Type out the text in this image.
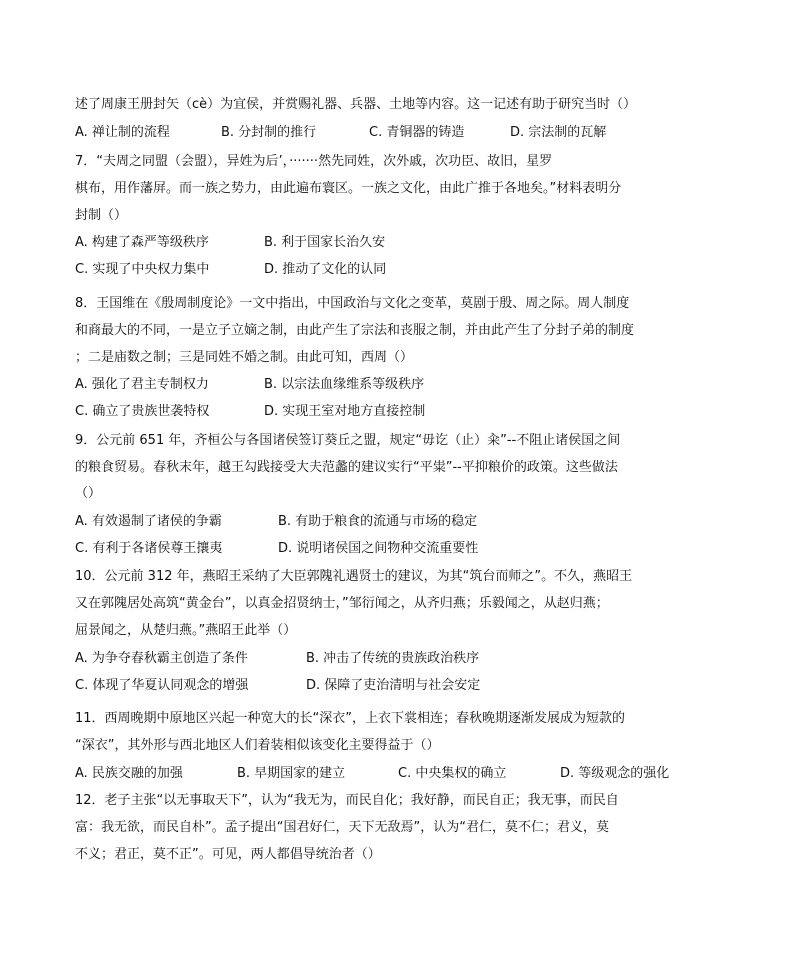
述了周康王册封矢（cè）为宜侯，并赏赐礼器、兵器、土地等内容。这一记述有助于研究当时（）
A. 禅让制的流程	B. 分封制的推行	C. 青铜器的铸造	D. 宗法制的瓦解
7．“夫周之同盟（会盟），异姓为后’，·······然先同姓，次外戚，次功臣、故旧，星罗
棋布，用作藩屏。而一族之势力，由此遍布寰区。一族之文化，由此广推于各地矣。”材料表明分
封制（）
A. 构建了森严等级秩序	B. 利于国家长治久安
C. 实现了中央权力集中	D. 推动了文化的认同
8．王国维在《殷周制度论》一文中指出，中国政治与文化之变革，莫剧于殷、周之际。周人制度
和商最大的不同，一是立子立嫡之制，由此产生了宗法和丧服之制，并由此产生了分封子弟的制度
；二是庙数之制；三是同姓不婚之制。由此可知，西周（）
A. 强化了君主专制权力	B. 以宗法血缘维系等级秩序
C. 确立了贵族世袭特权	D. 实现王室对地方直接控制
9．公元前 651 年，齐桓公与各国诸侯签订葵丘之盟，规定“毋讫（止）籴”--不阻止诸侯国之间
的粮食贸易。春秋末年，越王勾践接受大夫范蠡的建议实行“平粜”--平抑粮价的政策。这些做法
（）
A. 有效遏制了诸侯的争霸	B. 有助于粮食的流通与市场的稳定
C. 有利于各诸侯尊王攘夷	D. 说明诸侯国之间物种交流重要性
10．公元前 312 年，燕昭王采纳了大臣郭隗礼遇贤士的建议，为其“筑台而师之”。不久，燕昭王
又在郭隗居处高筑“黄金台”，以真金招贤纳士，”邹衍闻之，从齐归燕；乐毅闻之，从赵归燕；
屈景闻之，从楚归燕。”燕昭王此举（）
A. 为争夺春秋霸主创造了条件	B. 冲击了传统的贵族政治秩序
C. 体现了华夏认同观念的增强	D. 保障了吏治清明与社会安定
11．西周晚期中原地区兴起一种宽大的长“深衣”，上衣下裳相连；春秋晚期逐渐发展成为短款的
“深衣”，其外形与西北地区人们着装相似该变化主要得益于（）
A. 民族交融的加强	B. 早期国家的建立	C. 中央集权的确立	D. 等级观念的强化
12．老子主张“以无事取天下”，认为“我无为，而民自化；我好静，而民自正；我无事，而民自
富：我无欲，而民自朴”。孟子提出“国君好仁，天下无敌焉”，认为“君仁，莫不仁；君义，莫
不义；君正，莫不正”。可见，两人都倡导统治者（）
